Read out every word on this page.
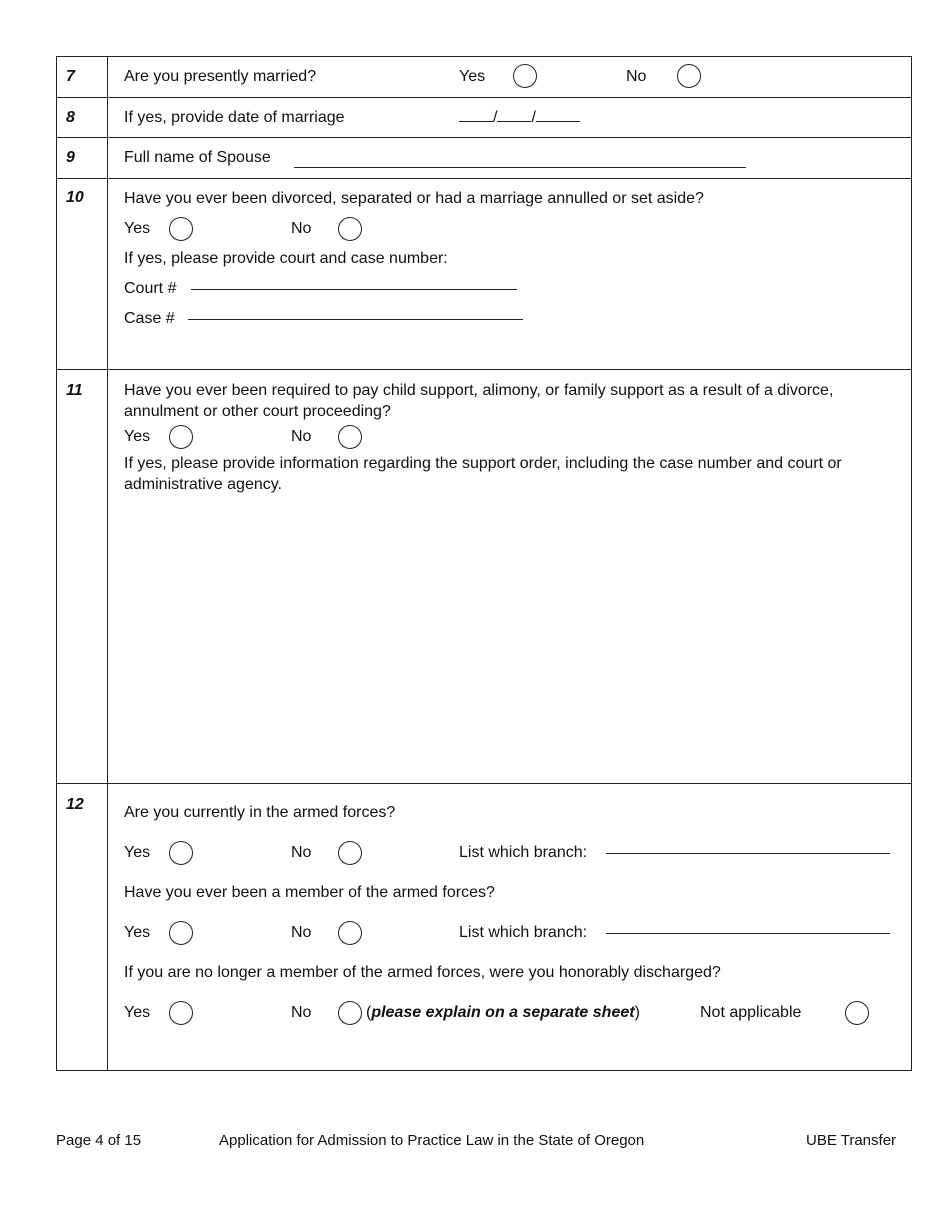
7	Are you presently married?	Yes	No
8	If yes, provide date of marriage	/ /
9	Full name of Spouse
10	Have you ever been divorced, separated or had a marriage annulled or set aside?
Yes	No
If yes, please provide court and case number:
Court #
Case #
11	Have you ever been required to pay child support, alimony, or family support as a result of a divorce, annulment or other court proceeding?
Yes	No
If yes, please provide information regarding the support order, including the case number and court or administrative agency.
12	Are you currently in the armed forces?
Yes	No	List which branch:
Have you ever been a member of the armed forces?
Yes	No	List which branch:
If you are no longer a member of the armed forces, were you honorably discharged?
Yes	No	(please explain on a separate sheet)	Not applicable
Page 4 of 15	Application for Admission to Practice Law in the State of Oregon	UBE Transfer
